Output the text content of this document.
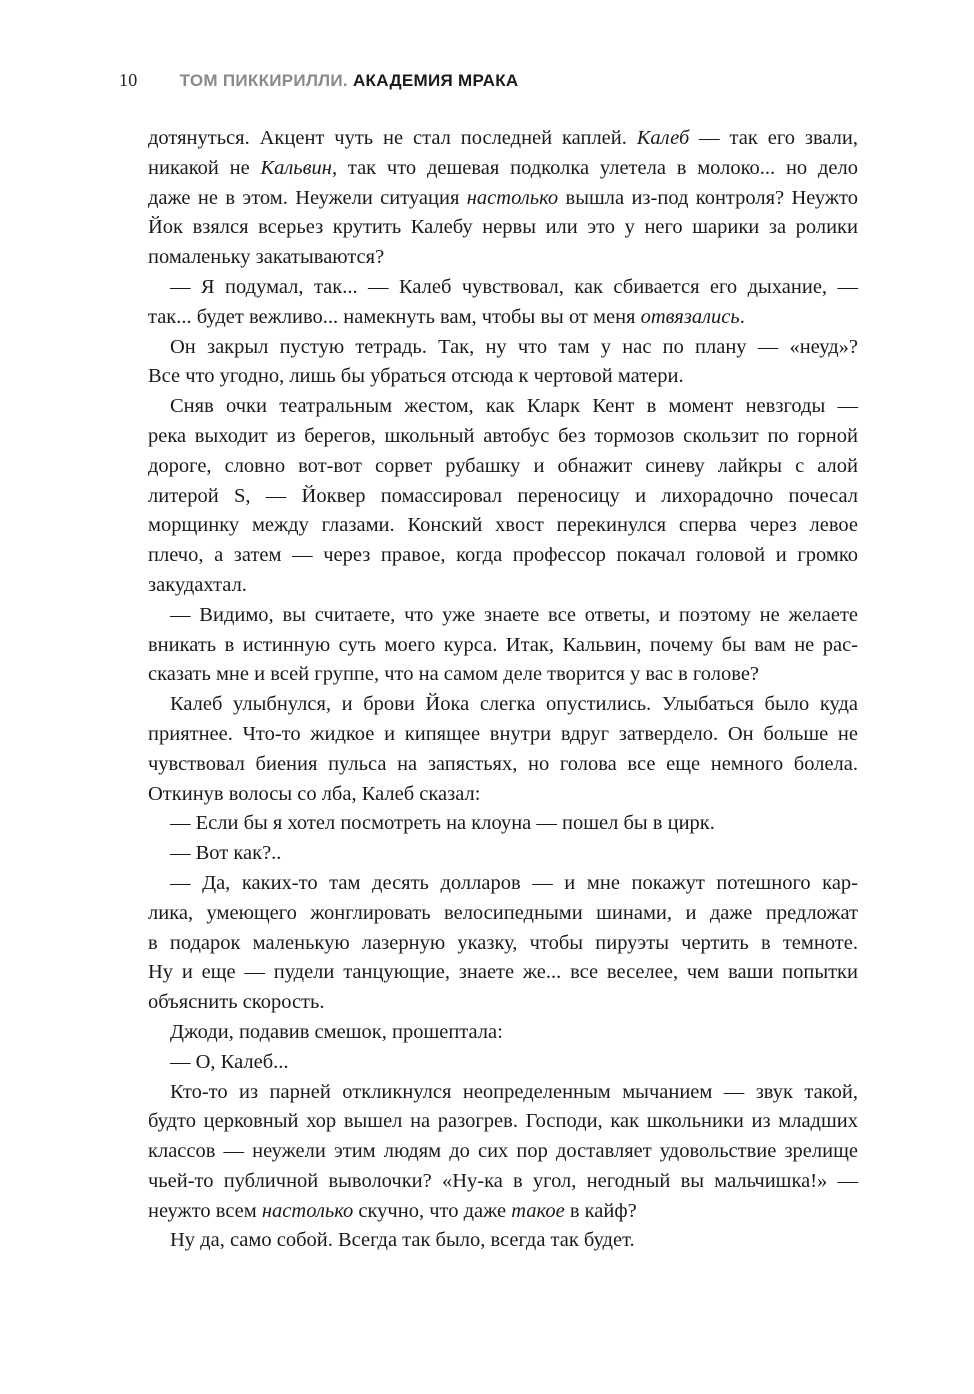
10 ТОМ ПИККИРИЛЛИ. АКАДЕМИЯ МРАКА
дотянуться. Акцент чуть не стал последней каплей. Калеб — так его звали,
никакой не Кальвин, так что дешевая подколка улетела в молоко... но дело
даже не в этом. Неужели ситуация настолько вышла из-под контроля? Неужто
Йок взялся всерьез крутить Калебу нервы или это у него шарики за ролики
помаленьку закатываются?
— Я подумал, так... — Калеб чувствовал, как сбивается его дыхание, —
так... будет вежливо... намекнуть вам, чтобы вы от меня отвязались.
Он закрыл пустую тетрадь. Так, ну что там у нас по плану — «неуд»?
Все что угодно, лишь бы убраться отсюда к чертовой матери.
Сняв очки театральным жестом, как Кларк Кент в момент невзгоды —
река выходит из берегов, школьный автобус без тормозов скользит по горной
дороге, словно вот-вот сорвет рубашку и обнажит синеву лайкры с алой
литерой S, — Йоквер помассировал переносицу и лихорадочно почесал
морщинку между глазами. Конский хвост перекинулся сперва через левое
плечо, а затем — через правое, когда профессор покачал головой и громко
закудахтал.
— Видимо, вы считаете, что уже знаете все ответы, и поэтому не желаете
вникать в истинную суть моего курса. Итак, Кальвин, почему бы вам не рас-
сказать мне и всей группе, что на самом деле творится у вас в голове?
Калеб улыбнулся, и брови Йока слегка опустились. Улыбаться было куда
приятнее. Что-то жидкое и кипящее внутри вдруг затвердело. Он больше не
чувствовал биения пульса на запястьях, но голова все еще немного болела.
Откинув волосы со лба, Калеб сказал:
— Если бы я хотел посмотреть на клоуна — пошел бы в цирк.
— Вот как?..
— Да, каких-то там десять долларов — и мне покажут потешного кар-
лика, умеющего жонглировать велосипедными шинами, и даже предложат
в подарок маленькую лазерную указку, чтобы пируэты чертить в темноте.
Ну и еще — пудели танцующие, знаете же... все веселее, чем ваши попытки
объяснить скорость.
Джоди, подавив смешок, прошептала:
— О, Калеб...
Кто-то из парней откликнулся неопределенным мычанием — звук такой,
будто церковный хор вышел на разогрев. Господи, как школьники из младших
классов — неужели этим людям до сих пор доставляет удовольствие зрелище
чьей-то публичной выволочки? «Ну-ка в угол, негодный вы мальчишка!» —
неужто всем настолько скучно, что даже такое в кайф?
Ну да, само собой. Всегда так было, всегда так будет.
